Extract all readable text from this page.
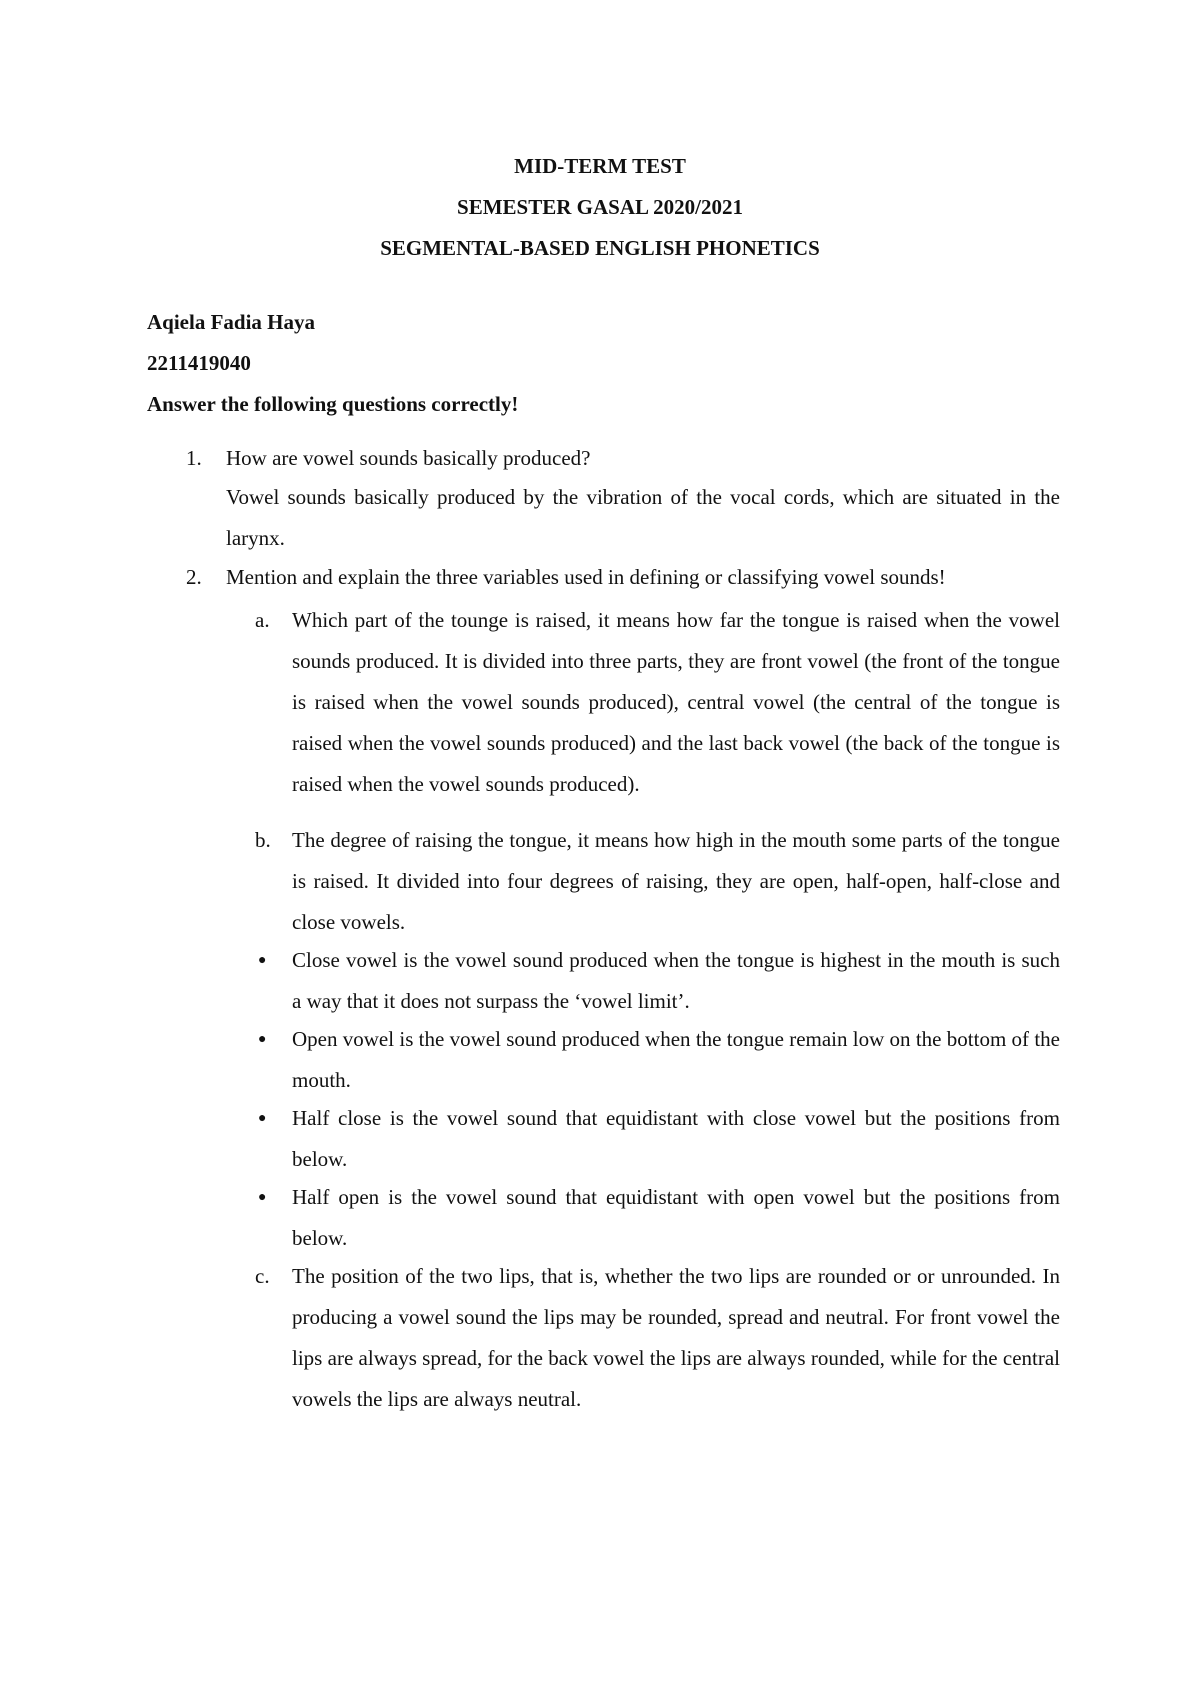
MID-TERM TEST
SEMESTER GASAL 2020/2021
SEGMENTAL-BASED ENGLISH PHONETICS
Aqiela Fadia Haya
2211419040
Answer the following questions correctly!
1. How are vowel sounds basically produced?
Vowel sounds basically produced by the vibration of the vocal cords, which are situated in the larynx.
2. Mention and explain the three variables used in defining or classifying vowel sounds!
a. Which part of the tounge is raised, it means how far the tongue is raised when the vowel sounds produced. It is divided into three parts, they are front vowel (the front of the tongue is raised when the vowel sounds produced), central vowel (the central of the tongue is raised when the vowel sounds produced) and the last back vowel (the back of the tongue is raised when the vowel sounds produced).
b. The degree of raising the tongue, it means how high in the mouth some parts of the tongue is raised. It divided into four degrees of raising, they are open, half-open, half-close and close vowels.
● Close vowel is the vowel sound produced when the tongue is highest in the mouth is such a way that it does not surpass the ‘vowel limit’.
● Open vowel is the vowel sound produced when the tongue remain low on the bottom of the mouth.
● Half close is the vowel sound that equidistant with close vowel but the positions from below.
● Half open is the vowel sound that equidistant with open vowel but the positions from below.
c. The position of the two lips, that is, whether the two lips are rounded or or unrounded. In producing a vowel sound the lips may be rounded, spread and neutral. For front vowel the lips are always spread, for the back vowel the lips are always rounded, while for the central vowels the lips are always neutral.
